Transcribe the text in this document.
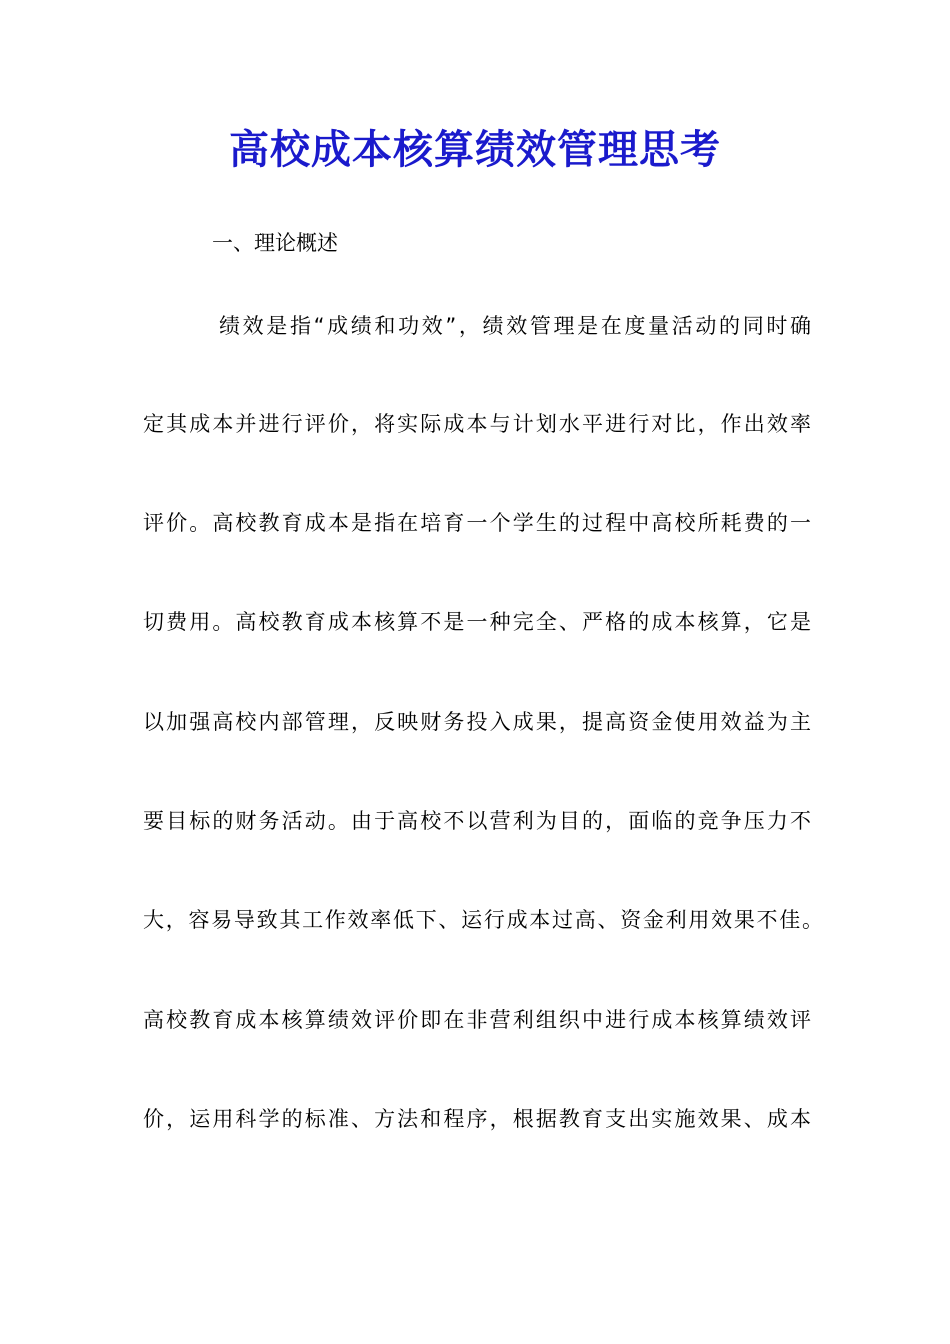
高校成本核算绩效管理思考
一、理论概述
绩效是指“成绩和功效”，绩效管理是在度量活动的同时确
定其成本并进行评价，将实际成本与计划水平进行对比，作出效率
评价。高校教育成本是指在培育一个学生的过程中高校所耗费的一
切费用。高校教育成本核算不是一种完全、严格的成本核算，它是
以加强高校内部管理，反映财务投入成果，提高资金使用效益为主
要目标的财务活动。由于高校不以营利为目的，面临的竞争压力不
大，容易导致其工作效率低下、运行成本过高、资金利用效果不佳。
高校教育成本核算绩效评价即在非营利组织中进行成本核算绩效评
价，运用科学的标准、方法和程序，根据教育支出实施效果、成本
